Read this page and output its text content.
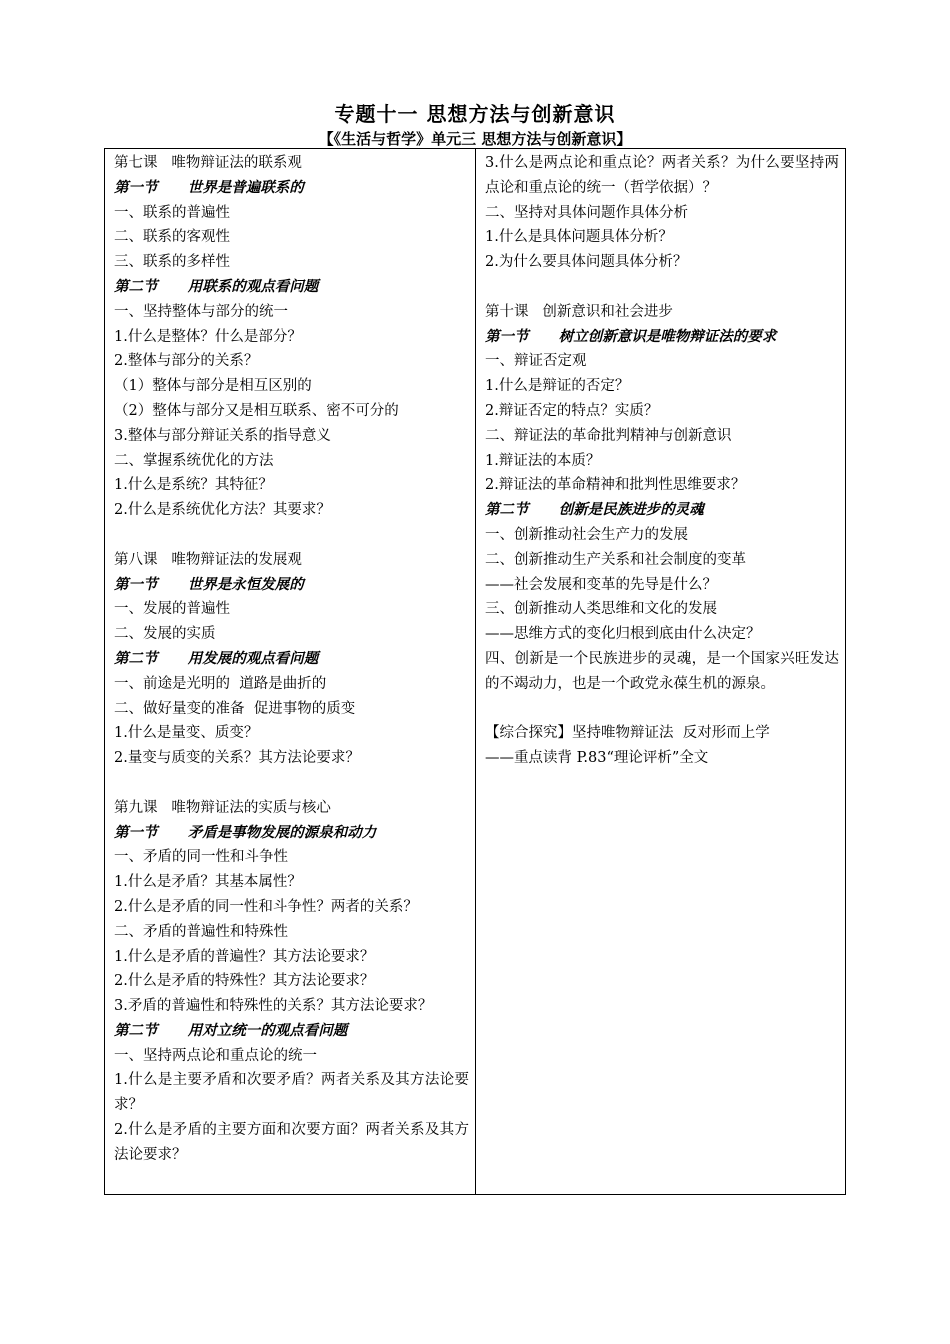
专题十一 思想方法与创新意识
【《生活与哲学》单元三 思想方法与创新意识】
第七课   唯物辩证法的联系观
第一节      世界是普遍联系的
一、联系的普遍性
二、联系的客观性
三、联系的多样性
第二节      用联系的观点看问题
一、坚持整体与部分的统一
1.什么是整体？什么是部分？
2.整体与部分的关系？
（1）整体与部分是相互区别的
（2）整体与部分又是相互联系、密不可分的
3.整体与部分辩证关系的指导意义
二、掌握系统优化的方法
1.什么是系统？其特征？
2.什么是系统优化方法？其要求？
第八课   唯物辩证法的发展观
第一节      世界是永恒发展的
一、发展的普遍性
二、发展的实质
第二节      用发展的观点看问题
一、前途是光明的  道路是曲折的
二、做好量变的准备  促进事物的质变
1.什么是量变、质变？
2.量变与质变的关系？其方法论要求？
第九课   唯物辩证法的实质与核心
第一节      矛盾是事物发展的源泉和动力
一、矛盾的同一性和斗争性
1.什么是矛盾？其基本属性？
2.什么是矛盾的同一性和斗争性？两者的关系？
二、矛盾的普遍性和特殊性
1.什么是矛盾的普遍性？其方法论要求？
2.什么是矛盾的特殊性？其方法论要求？
3.矛盾的普遍性和特殊性的关系？其方法论要求？
第二节      用对立统一的观点看问题
一、坚持两点论和重点论的统一
1.什么是主要矛盾和次要矛盾？两者关系及其方法论要求？
2.什么是矛盾的主要方面和次要方面？两者关系及其方法论要求？
3.什么是两点论和重点论？两者关系？为什么要坚持两点论和重点论的统一（哲学依据）？
二、坚持对具体问题作具体分析
1.什么是具体问题具体分析？
2.为什么要具体问题具体分析？
第十课   创新意识和社会进步
第一节      树立创新意识是唯物辩证法的要求
一、辩证否定观
1.什么是辩证的否定？
2.辩证否定的特点？实质？
二、辩证法的革命批判精神与创新意识
1.辩证法的本质？
2.辩证法的革命精神和批判性思维要求？
第二节      创新是民族进步的灵魂
一、创新推动社会生产力的发展
二、创新推动生产关系和社会制度的变革
——社会发展和变革的先导是什么？
三、创新推动人类思维和文化的发展
——思维方式的变化归根到底由什么决定？
四、创新是一个民族进步的灵魂，是一个国家兴旺发达的不竭动力，也是一个政党永葆生机的源泉。
【综合探究】坚持唯物辩证法  反对形而上学
——重点读背 P.83“理论评析”全文
